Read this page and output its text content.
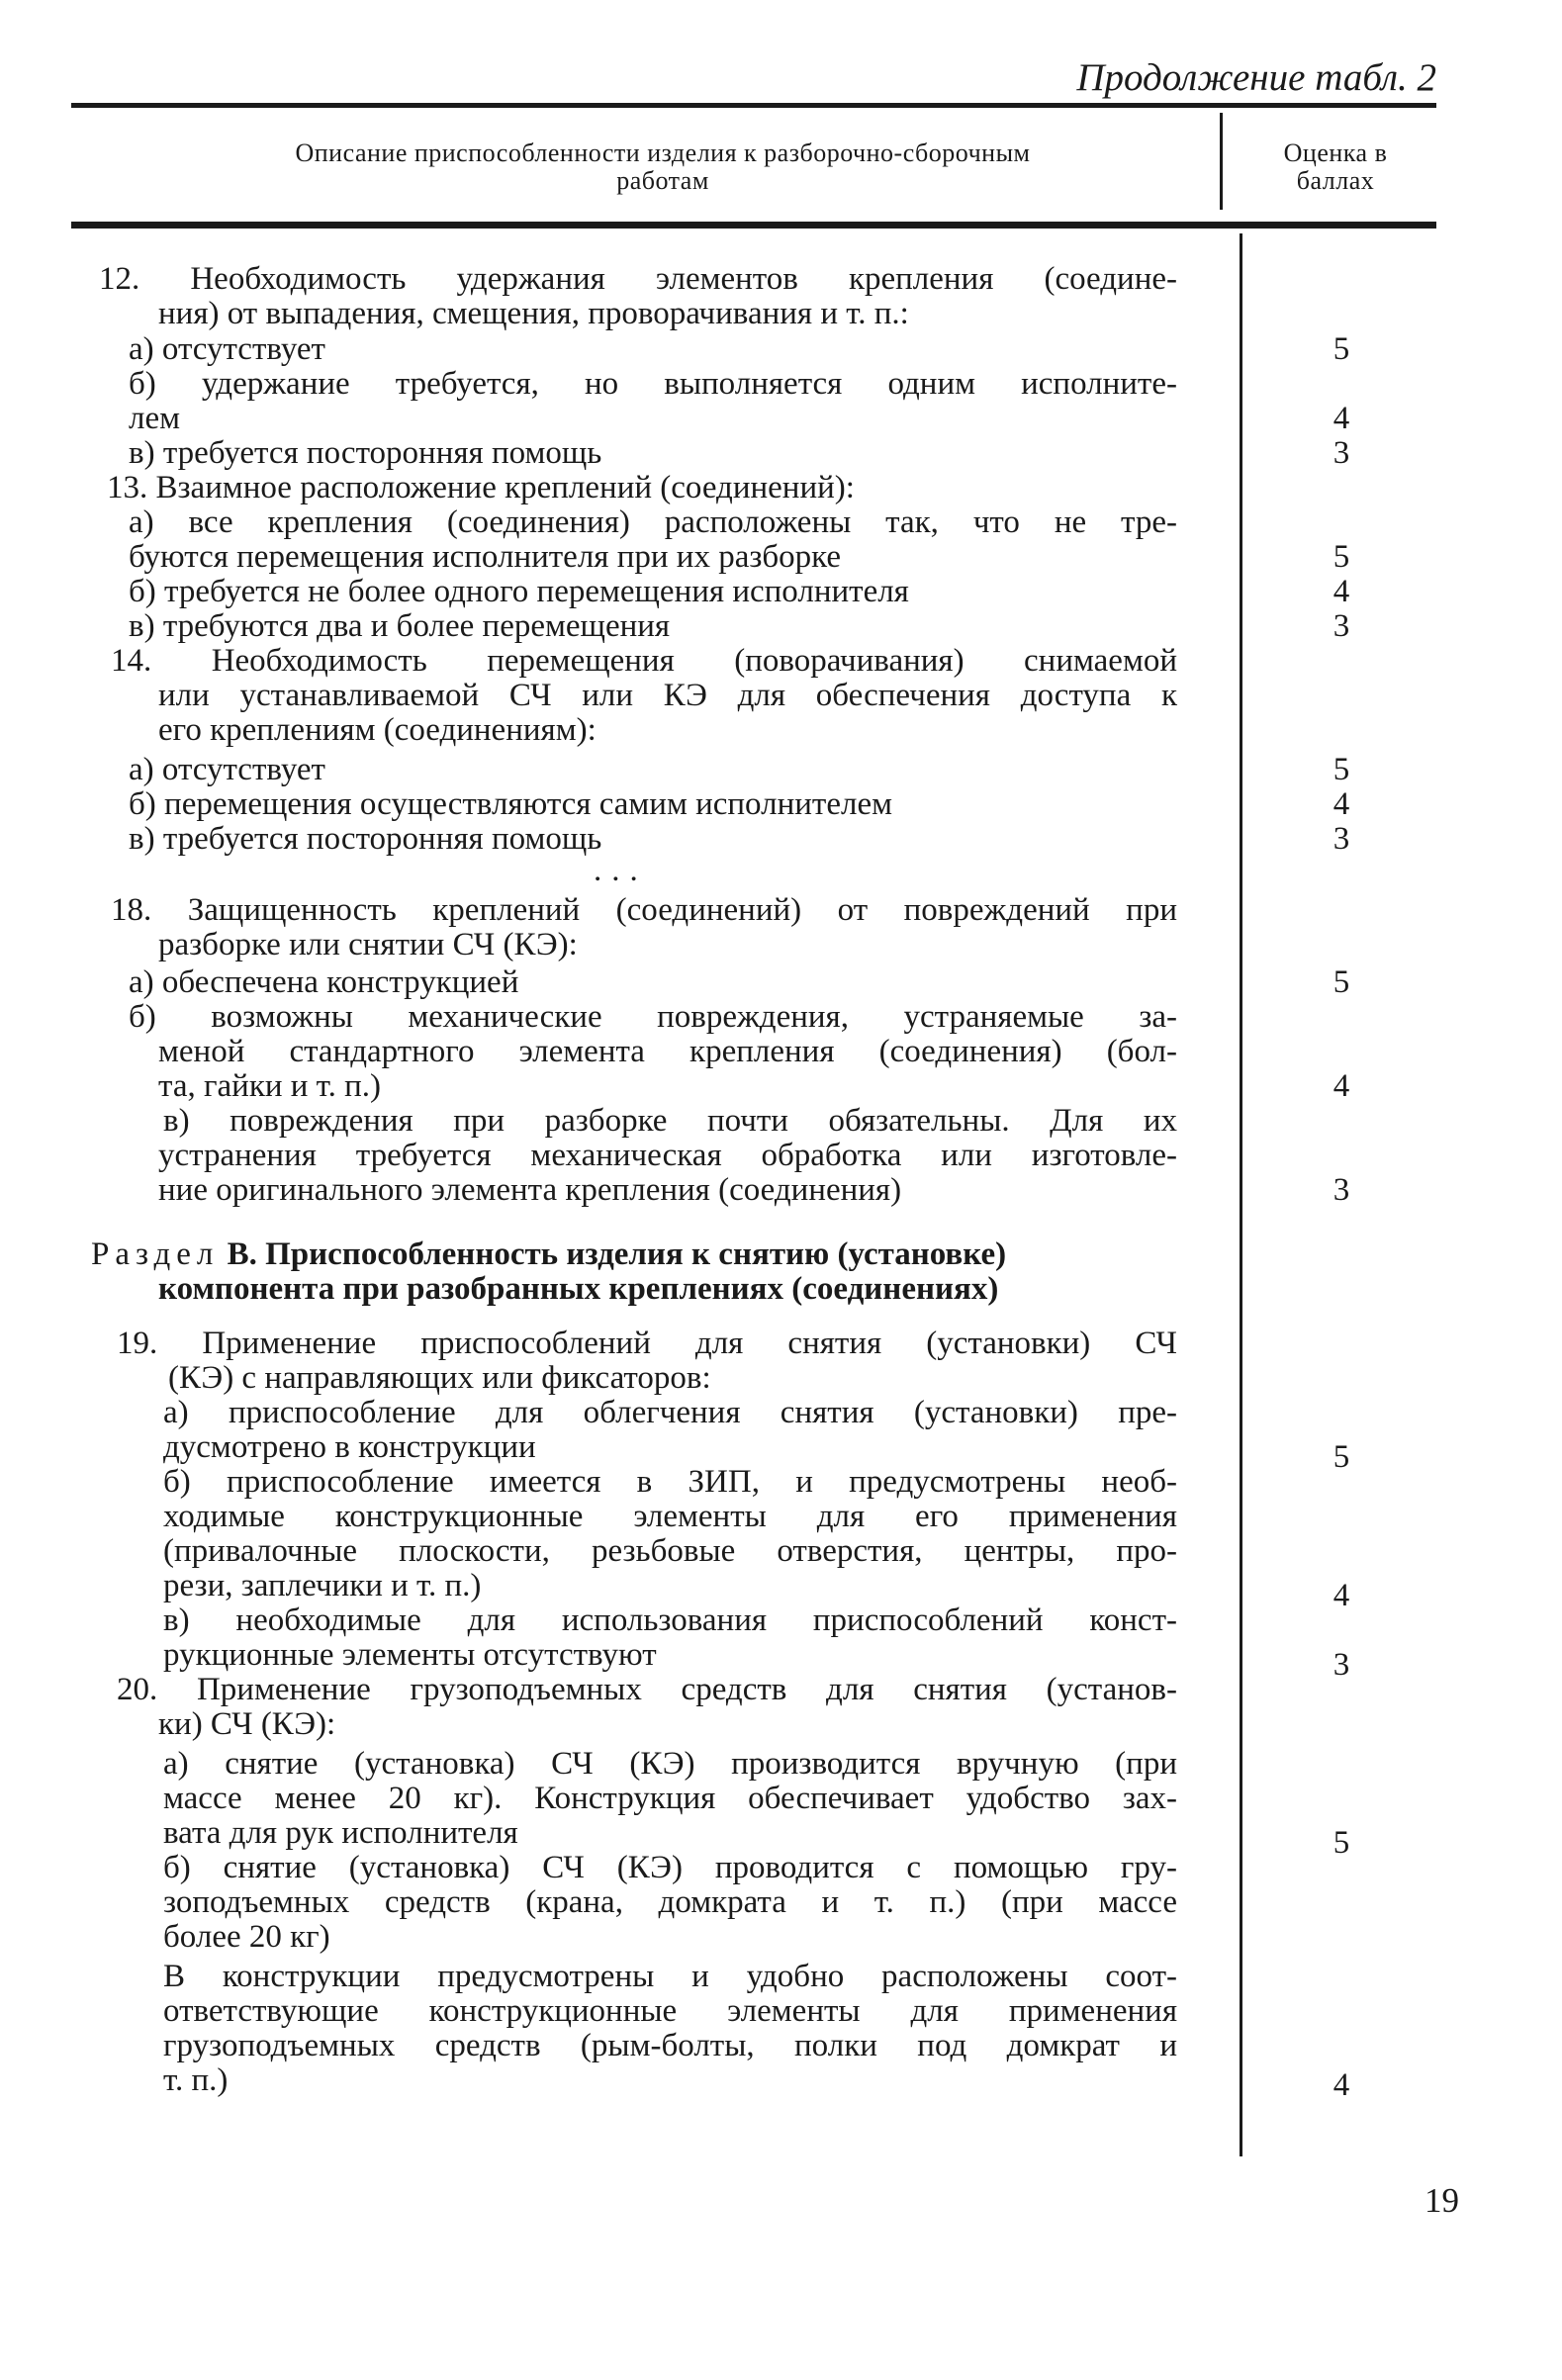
Продолжение табл. 2
Описание приспособленности изделия к разборочно-сборочным
работам
Оценка в
баллах
12. Необходимость удержания элементов крепления (соедине-
ния) от выпадения, смещения, проворачивания и т. п.:
а) отсутствует
б) удержание требуется, но выполняется одним исполните-
лем
в) требуется посторонняя помощь
13. Взаимное расположение креплений (соединений):
а) все крепления (соединения) расположены так, что не тре-
буются перемещения исполнителя при их разборке
б) требуется не более одного перемещения исполнителя
в) требуются два и более перемещения
14. Необходимость перемещения (поворачивания) снимаемой
или устанавливаемой СЧ или КЭ для обеспечения доступа к
его креплениям (соединениям):
а) отсутствует
б) перемещения осуществляются самим исполнителем
в) требуется посторонняя помощь
...
18. Защищенность креплений (соединений) от повреждений при
разборке или снятии СЧ (КЭ):
а) обеспечена конструкцией
б) возможны механические повреждения, устраняемые за-
меной стандартного элемента крепления (соединения) (бол-
та, гайки и т. п.)
в) повреждения при разборке почти обязательны. Для их
устранения требуется механическая обработка или изготовле-
ние оригинального элемента крепления (соединения)
Раздел В. Приспособленность изделия к снятию (установке)
компонента при разобранных креплениях (соединениях)
19. Применение приспособлений для снятия (установки) СЧ
(КЭ) с направляющих или фиксаторов:
а) приспособление для облегчения снятия (установки) пре-
дусмотрено в конструкции
б) приспособление имеется в ЗИП, и предусмотрены необ-
ходимые конструкционные элементы для его применения
(привалочные плоскости, резьбовые отверстия, центры, про-
рези, заплечики и т. п.)
в) необходимые для использования приспособлений конст-
рукционные элементы отсутствуют
20. Применение грузоподъемных средств для снятия (установ-
ки) СЧ (КЭ):
а) снятие (установка) СЧ (КЭ) производится вручную (при
массе менее 20 кг). Конструкция обеспечивает удобство зах-
вата для рук исполнителя
б) снятие (установка) СЧ (КЭ) проводится с помощью гру-
зоподъемных средств (крана, домкрата и т. п.) (при массе
более 20 кг)
В конструкции предусмотрены и удобно расположены соот-
ответствующие конструкционные элементы для применения
грузоподъемных средств (рым-болты, полки под домкрат и
т. п.)
5
4
3
5
4
3
5
4
3
5
4
3
5
4
3
5
4
19
